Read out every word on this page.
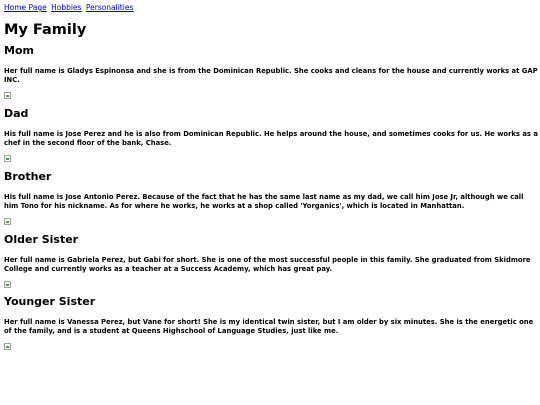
Home Page Hobbies Personalities
My Family
Mom

Her full name is Gladys Espinonsa and she is from the Dominican Republic. She cooks and cleans for the house and currently works at GAP INC.

Dad

His full name is Jose Perez and he is also from Dominican Republic. He helps around the house, and sometimes cooks for us. He works as a chef in the second floor of the bank, Chase.

Brother

His full name is Jose Antonio Perez. Because of the fact that he has the same last name as my dad, we call him Jose Jr, although we call him Tono for his nickname. As for where he works, he works at a shop called 'Yorganics', which is located in Manhattan.

Older Sister

Her full name is Gabriela Perez, but Gabi for short. She is one of the most successful people in this family. She graduated from Skidmore College and currently works as a teacher at a Success Academy, which has great pay.

Younger Sister

Her full name is Vanessa Perez, but Vane for short! She is my identical twin sister, but I am older by six minutes. She is the energetic one of the family, and is a student at Queens Highschool of Language Studies, just like me.
